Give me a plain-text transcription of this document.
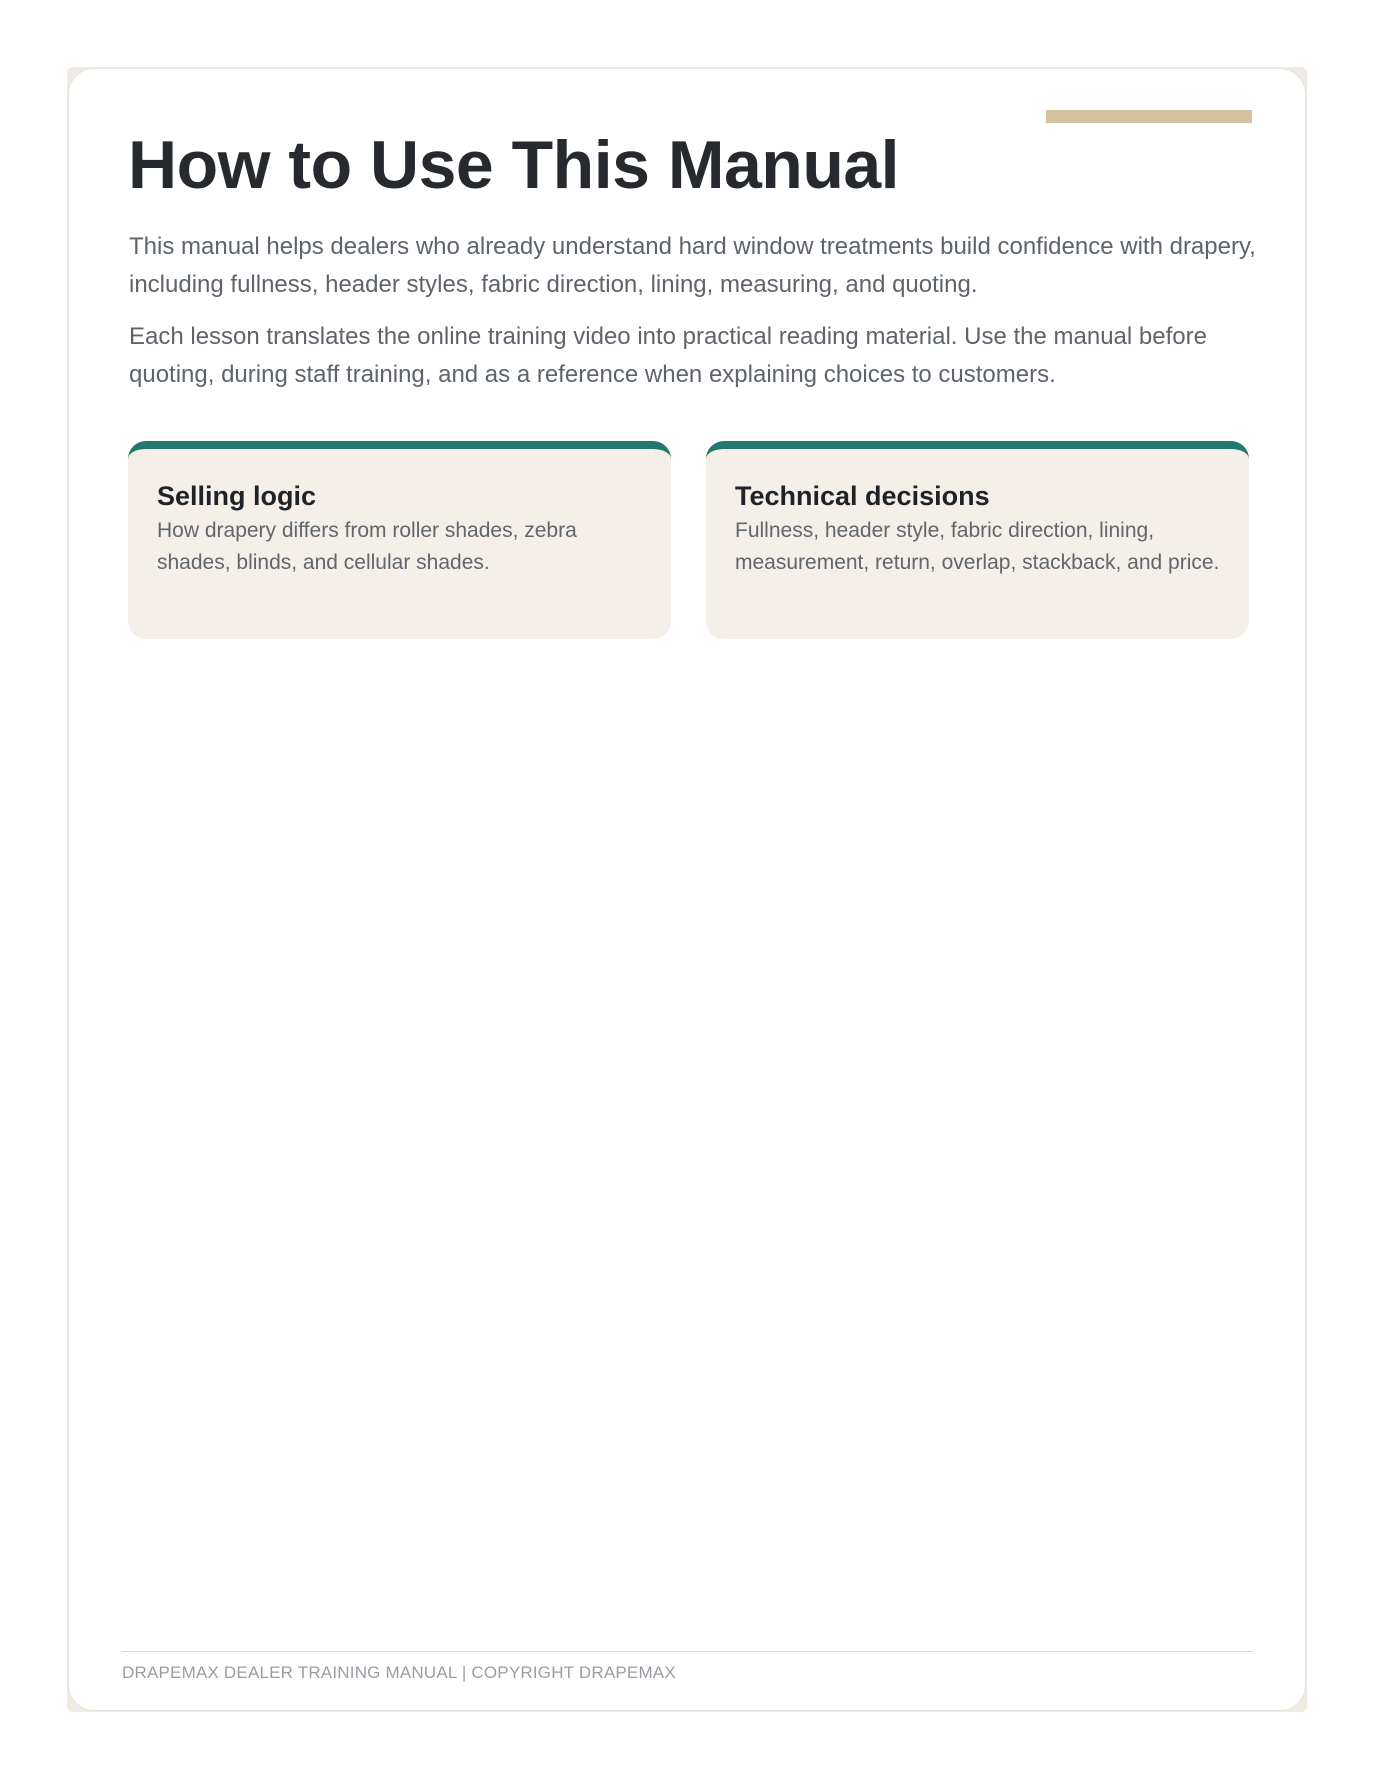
How to Use This Manual

This manual helps dealers who already understand hard window treatments build confidence with drapery, including fullness, header styles, fabric direction, lining, measuring, and quoting.

Each lesson translates the online training video into practical reading material. Use the manual before quoting, during staff training, and as a reference when explaining choices to customers.

Selling logic

How drapery differs from roller shades, zebra shades, blinds, and cellular shades.

Technical decisions

Fullness, header style, fabric direction, lining, measurement, return, overlap, stackback, and price.

DRAPEMAX DEALER TRAINING MANUAL | COPYRIGHT DRAPEMAX
